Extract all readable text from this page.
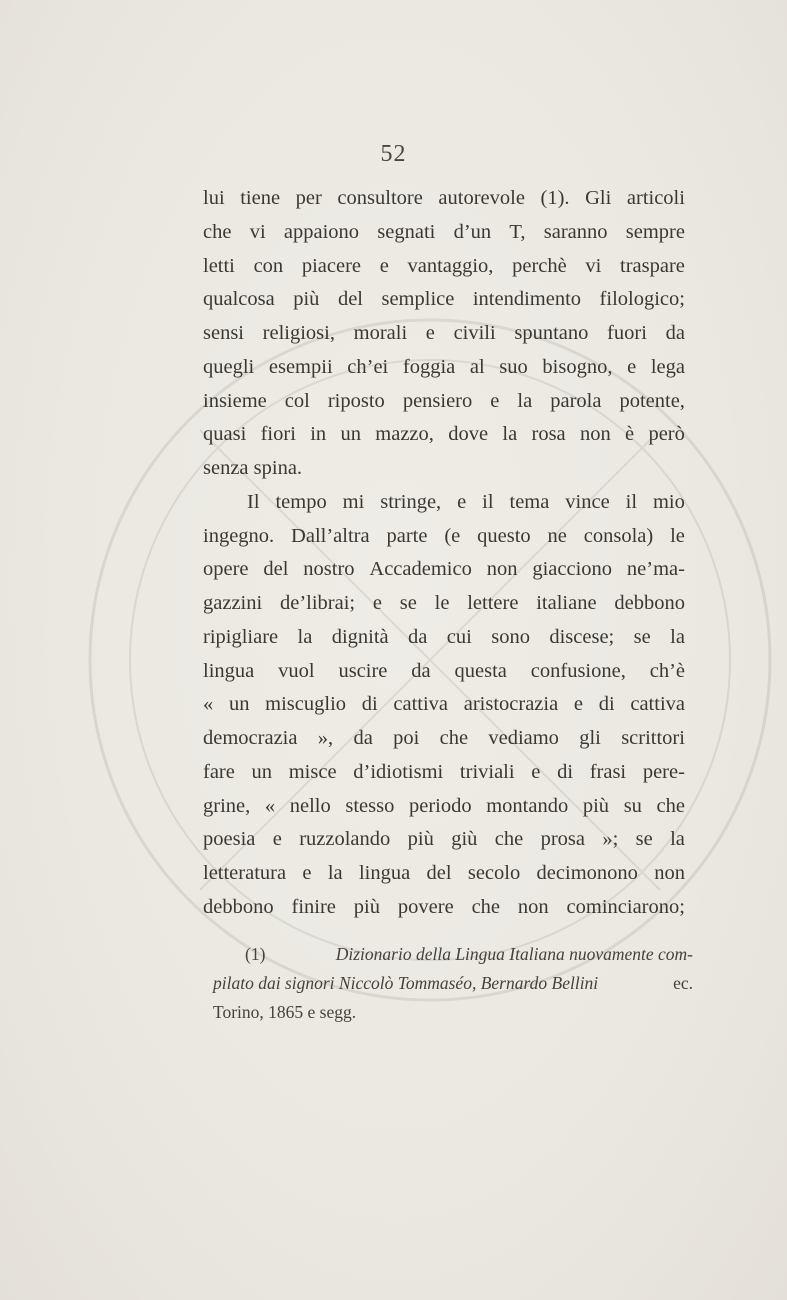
52
lui tiene per consultore autorevole (1). Gli articoli
che vi appaiono segnati d’un T, saranno sempre
letti con piacere e vantaggio, perchè vi traspare
qualcosa più del semplice intendimento filologico;
sensi religiosi, morali e civili spuntano fuori da
quegli esempii ch’ei foggia al suo bisogno, e lega
insieme col riposto pensiero e la parola potente,
quasi fiori in un mazzo, dove la rosa non è però
senza spina.
Il tempo mi stringe, e il tema vince il mio
ingegno. Dall’altra parte (e questo ne consola) le
opere del nostro Accademico non giacciono ne’ma-
gazzini de’librai; e se le lettere italiane debbono
ripigliare la dignità da cui sono discese; se la
lingua vuol uscire da questa confusione, ch’è
« un miscuglio di cattiva aristocrazia e di cattiva
democrazia », da poi che vediamo gli scrittori
fare un misce d’idiotismi triviali e di frasi pere-
grine, « nello stesso periodo montando più su che
poesia e ruzzolando più giù che prosa »; se la
letteratura e la lingua del secolo decimonono non
debbono finire più povere che non cominciarono;
(1)	Dizionario della Lingua Italiana nuovamente com-
pilato dai signori Niccolò Tommaséo, Bernardo Bellini	ec.
Torino, 1865 e segg.
